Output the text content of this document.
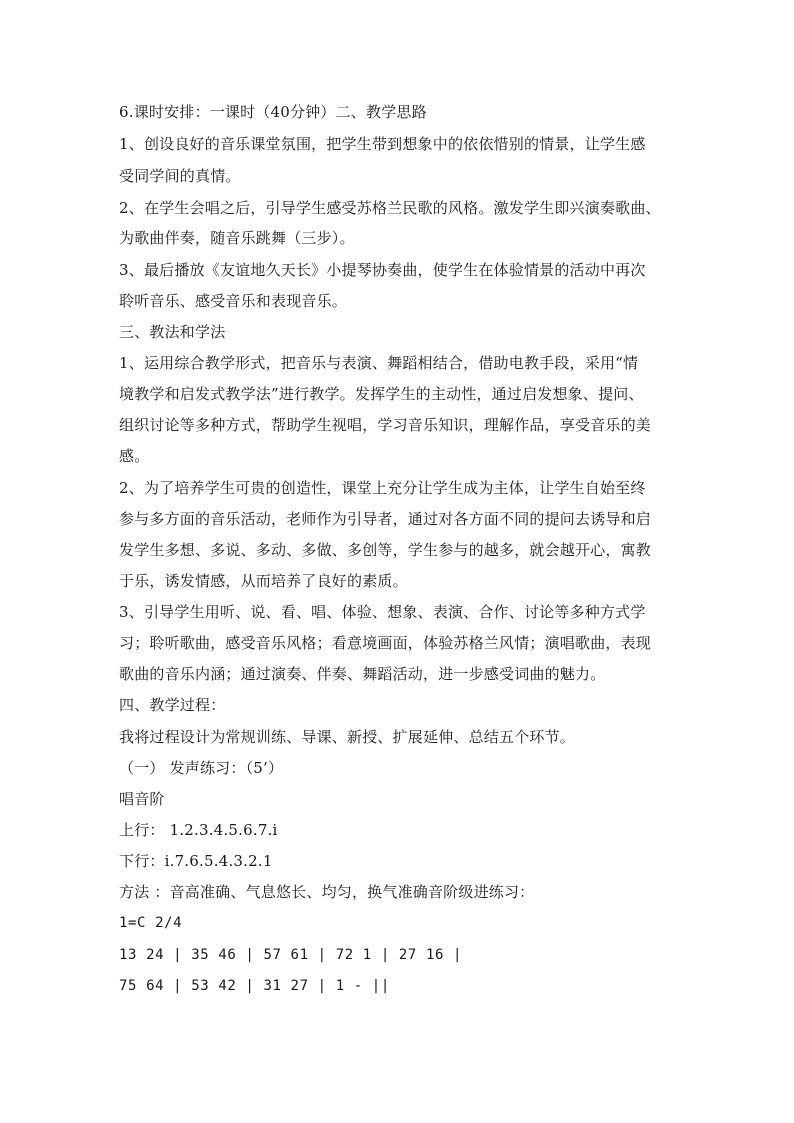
6.课时安排：一课时（40分钟）二、教学思路
1、创设良好的音乐课堂氛围，把学生带到想象中的依依惜别的情景，让学生感
受同学间的真情。
2、在学生会唱之后，引导学生感受苏格兰民歌的风格。激发学生即兴演奏歌曲、
为歌曲伴奏，随音乐跳舞（三步）。
3、最后播放《友谊地久天长》小提琴协奏曲，使学生在体验情景的活动中再次
聆听音乐、感受音乐和表现音乐。
三、教法和学法
1、运用综合教学形式，把音乐与表演、舞蹈相结合，借助电教手段，采用“情
境教学和启发式教学法”进行教学。发挥学生的主动性，通过启发想象、提问、
组织讨论等多种方式，帮助学生视唱，学习音乐知识，理解作品，享受音乐的美
感。
2、为了培养学生可贵的创造性，课堂上充分让学生成为主体，让学生自始至终
参与多方面的音乐活动，老师作为引导者，通过对各方面不同的提问去诱导和启
发学生多想、多说、多动、多做、多创等，学生参与的越多，就会越开心，寓教
于乐，诱发情感，从而培养了良好的素质。
3、引导学生用听、说、看、唱、体验、想象、表演、合作、讨论等多种方式学
习；聆听歌曲，感受音乐风格；看意境画面，体验苏格兰风情；演唱歌曲，表现
歌曲的音乐内涵；通过演奏、伴奏、舞蹈活动，进一步感受词曲的魅力。
四、教学过程：
我将过程设计为常规训练、导课、新授、扩展延伸、总结五个环节。
（一） 发声练习：（5’）
唱音阶
上行： 1.2.3.4.5.6.7.i
下行：i.7.6.5.4.3.2.1
方法 ：音高准确、气息悠长、均匀，换气准确音阶级进练习：
1=C 2/4
13 24 | 35 46 | 57 61 | 72 1 | 27 16 |
75 64 | 53 42 | 31 27 | 1 - ||
